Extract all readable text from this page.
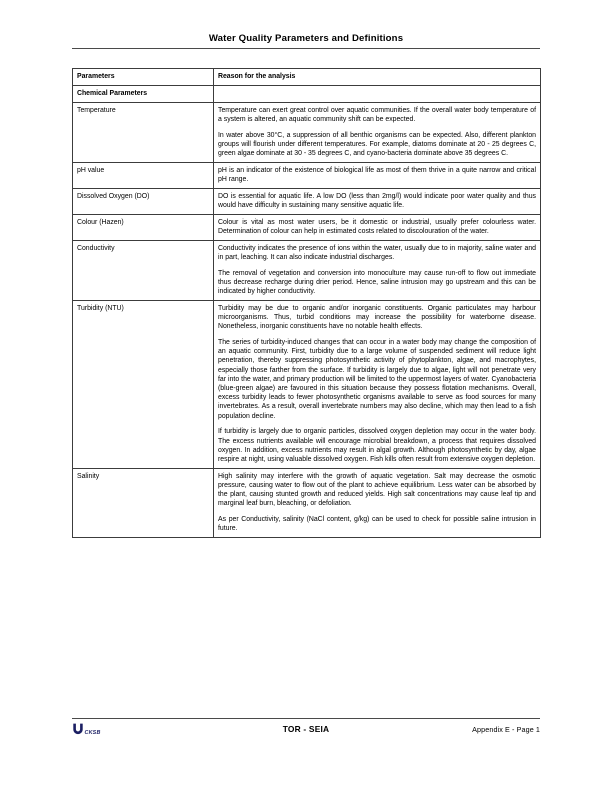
Water Quality Parameters and Definitions
Parameters	Reason for the analysis
Chemical Parameters	
Temperature	Temperature can exert great control over aquatic communities. If the overall water body temperature of a system is altered, an aquatic community shift can be expected.

In water above 30°C, a suppression of all benthic organisms can be expected. Also, different plankton groups will flourish under different temperatures. For example, diatoms dominate at 20 - 25 degrees C, green algae dominate at 30 - 35 degrees C, and cyano-bacteria dominate above 35 degrees C.

pH value	pH is an indicator of the existence of biological life as most of them thrive in a quite narrow and critical pH range.

Dissolved Oxygen (DO)	DO is essential for aquatic life. A low DO (less than 2mg/l) would indicate poor water quality and thus would have difficulty in sustaining many sensitive aquatic life.

Colour (Hazen)	Colour is vital as most water users, be it domestic or industrial, usually prefer colourless water. Determination of colour can help in estimated costs related to discolouration of the water.

Conductivity	Conductivity indicates the presence of ions within the water, usually due to in majority, saline water and in part, leaching. It can also indicate industrial discharges.

The removal of vegetation and conversion into monoculture may cause run-off to flow out immediate thus decrease recharge during drier period. Hence, saline intrusion may go upstream and this can be indicated by higher conductivity.

Turbidity (NTU)	Turbidity may be due to organic and/or inorganic constituents. Organic particulates may harbour microorganisms. Thus, turbid conditions may increase the possibility for waterborne disease. Nonetheless, inorganic constituents have no notable health effects.

The series of turbidity-induced changes that can occur in a water body may change the composition of an aquatic community. First, turbidity due to a large volume of suspended sediment will reduce light penetration, thereby suppressing photosynthetic activity of phytoplankton, algae, and macrophytes, especially those farther from the surface. If turbidity is largely due to algae, light will not penetrate very far into the water, and primary production will be limited to the uppermost layers of water. Cyanobacteria (blue-green algae) are favoured in this situation because they possess flotation mechanisms. Overall, excess turbidity leads to fewer photosynthetic organisms available to serve as food sources for many invertebrates. As a result, overall invertebrate numbers may also decline, which may then lead to a fish population decline.

If turbidity is largely due to organic particles, dissolved oxygen depletion may occur in the water body. The excess nutrients available will encourage microbial breakdown, a process that requires dissolved oxygen. In addition, excess nutrients may result in algal growth. Although photosynthetic by day, algae respire at night, using valuable dissolved oxygen. Fish kills often result from extensive oxygen depletion.

Salinity	High salinity may interfere with the growth of aquatic vegetation. Salt may decrease the osmotic pressure, causing water to flow out of the plant to achieve equilibrium. Less water can be absorbed by the plant, causing stunted growth and reduced yields. High salt concentrations may cause leaf tip and marginal leaf burn, bleaching, or defoliation.

As per Conductivity, salinity (NaCl content, g/kg) can be used to check for possible saline intrusion in future.

CKSB	TOR - SEIA	Appendix E - Page 1
